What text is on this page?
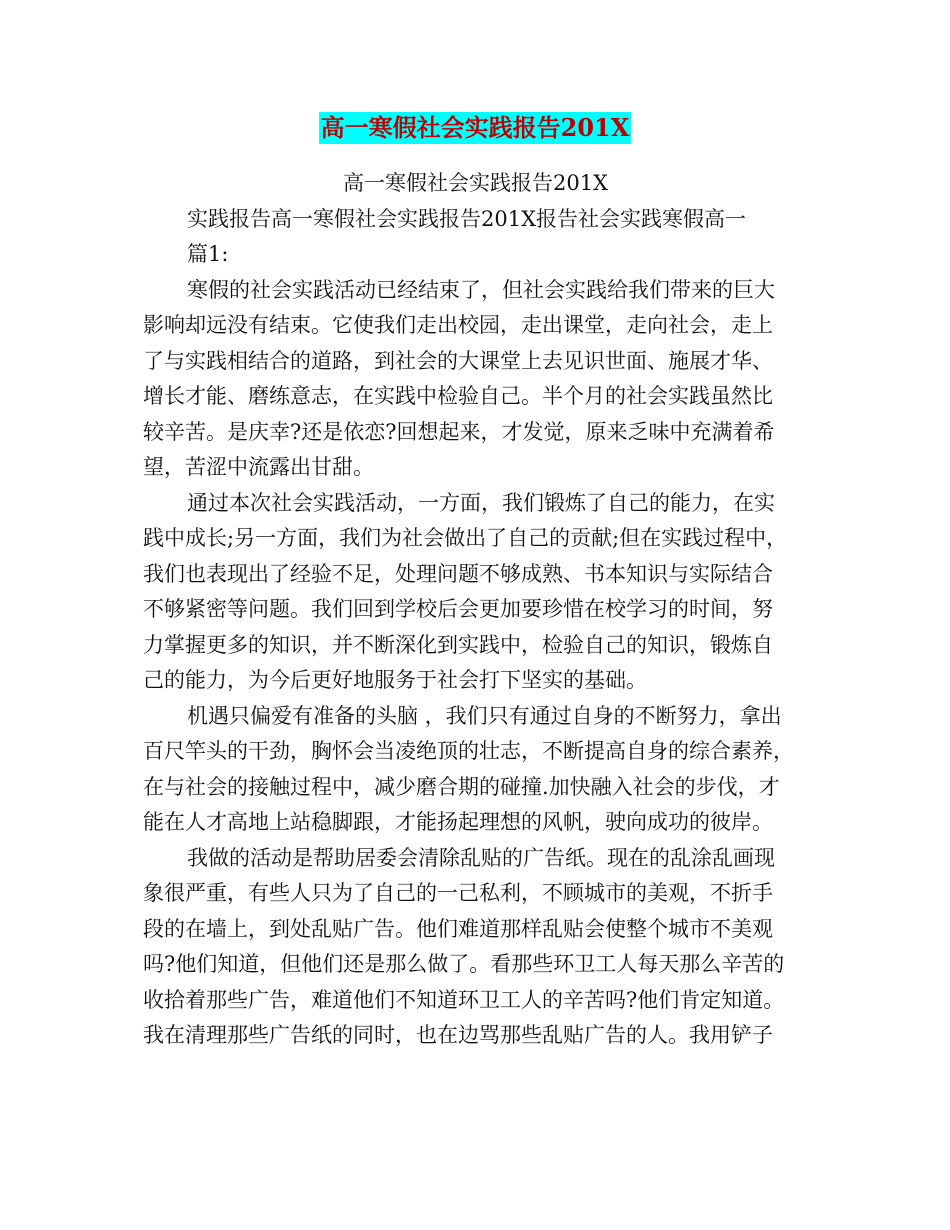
高一寒假社会实践报告201X
高一寒假社会实践报告201X
实践报告高一寒假社会实践报告201X报告社会实践寒假高一
篇1:
寒假的社会实践活动已经结束了，但社会实践给我们带来的巨大
影响却远没有结束。它使我们走出校园，走出课堂，走向社会，走上
了与实践相结合的道路，到社会的大课堂上去见识世面、施展才华、
增长才能、磨练意志，在实践中检验自己。半个月的社会实践虽然比
较辛苦。是庆幸?还是依恋?回想起来，才发觉，原来乏味中充满着希
望，苦涩中流露出甘甜。
通过本次社会实践活动，一方面，我们锻炼了自己的能力，在实
践中成长;另一方面，我们为社会做出了自己的贡献;但在实践过程中，
我们也表现出了经验不足，处理问题不够成熟、书本知识与实际结合
不够紧密等问题。我们回到学校后会更加要珍惜在校学习的时间，努
力掌握更多的知识，并不断深化到实践中，检验自己的知识，锻炼自
己的能力，为今后更好地服务于社会打下坚实的基础。
机遇只偏爱有准备的头脑 ，我们只有通过自身的不断努力，拿出
百尺竿头的干劲，胸怀会当凌绝顶的壮志，不断提高自身的综合素养，
在与社会的接触过程中，减少磨合期的碰撞.加快融入社会的步伐，才
能在人才高地上站稳脚跟，才能扬起理想的风帆，驶向成功的彼岸。
我做的活动是帮助居委会清除乱贴的广告纸。现在的乱涂乱画现
象很严重，有些人只为了自己的一己私利，不顾城市的美观，不折手
段的在墙上，到处乱贴广告。他们难道那样乱贴会使整个城市不美观
吗?他们知道，但他们还是那么做了。看那些环卫工人每天那么辛苦的
收拾着那些广告，难道他们不知道环卫工人的辛苦吗?他们肯定知道。
我在清理那些广告纸的同时，也在边骂那些乱贴广告的人。我用铲子
